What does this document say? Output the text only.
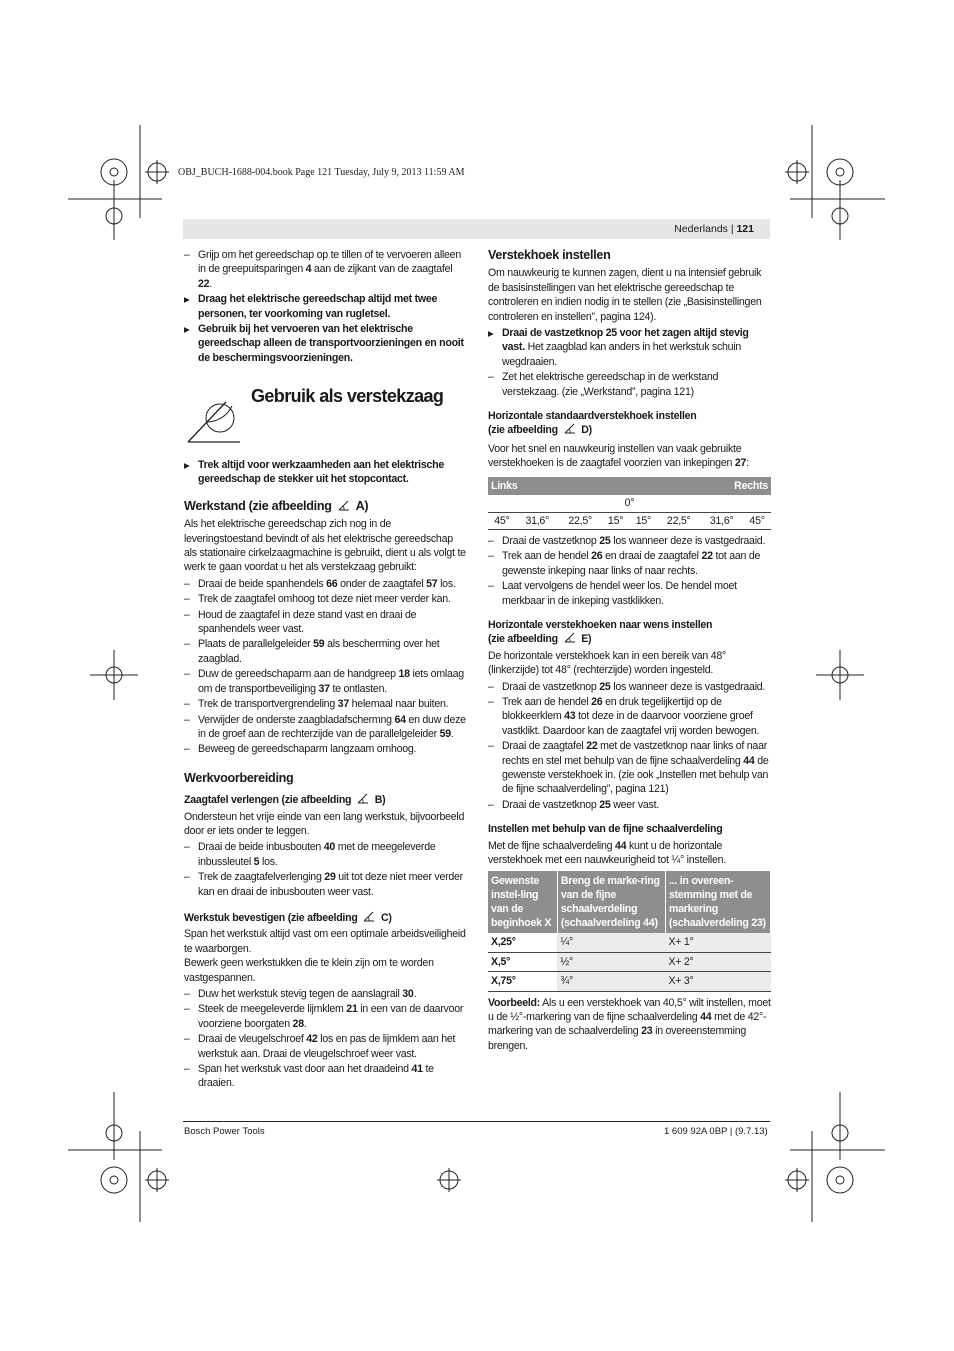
OBJ_BUCH-1688-004.book Page 121 Tuesday, July 9, 2013 11:59 AM
Nederlands | 121
– Grijp om het gereedschap op te tillen of te vervoeren alleen in de greepuitsparingen 4 aan de zijkant van de zaagtafel 22.
▶ Draag het elektrische gereedschap altijd met twee personen, ter voorkoming van rugletsel.
▶ Gebruik bij het vervoeren van het elektrische gereedschap alleen de transportvoorzieningen en nooit de beschermingsvoorzieningen.
Gebruik als verstekzaag
▶ Trek altijd voor werkzaamheden aan het elektrische gereedschap de stekker uit het stopcontact.
Werkstand (zie afbeelding A)

Als het elektrische gereedschap zich nog in de leveringstoestand bevindt of als het elektrische gereedschap als stationaire cirkelzaagmachine is gebruikt, dient u als volgt te werk te gaan voordat u het als verstekzaag gebruikt:

– Draai de beide spanhendels 66 onder de zaagtafel 57 los.
– Trek de zaagtafel omhoog tot deze niet meer verder kan.
– Houd de zaagtafel in deze stand vast en draai de spanhendels weer vast.
– Plaats de parallelgeleider 59 als bescherming over het zaagblad.
– Duw de gereedschaparm aan de handgreep 18 iets omlaag om de transportbeveiliging 37 te ontlasten.
– Trek de transportvergrendeling 37 helemaal naar buiten.
– Verwijder de onderste zaagbladafschermng 64 en duw deze in de groef aan de rechterzijde van de parallelgeleider 59.
– Beweeg de gereedschaparm langzaam omhoog.
Werkvoorbereiding
Zaagtafel verlengen (zie afbeelding B)

Ondersteun het vrije einde van een lang werkstuk, bijvoorbeeld door er iets onder te leggen.

– Draai de beide inbusbouten 40 met de meegeleverde inbussleutel 5 los.
– Trek de zaagtafelverlenging 29 uit tot deze niet meer verder kan en draai de inbusbouten weer vast.
Werkstuk bevestigen (zie afbeelding C)

Span het werkstuk altijd vast om een optimale arbeidsveiligheid te waarborgen.

Bewerk geen werkstukken die te klein zijn om te worden vastgespannen.

– Duw het werkstuk stevig tegen de aanslagrail 30.
– Steek de meegeleverde lijmklem 21 in een van de daarvoor voorziene boorgaten 28.
– Draai de vleugelschroef 42 los en pas de lijmklem aan het werkstuk aan. Draai de vleugelschroef weer vast.
– Span het werkstuk vast door aan het draadeind 41 te draaien.
Verstekhoek instellen

Om nauwkeurig te kunnen zagen, dient u na intensief gebruik de basisinstellingen van het elektrische gereedschap te controleren en indien nodig in te stellen (zie „Basisinstellingen controleren en instellen”, pagina 124).

▶ Draai de vastzetknop 25 voor het zagen altijd stevig vast. Het zaagblad kan anders in het werkstuk schuin wegdraaien.
– Zet het elektrische gereedschap in de werkstand verstekzaag. (zie „Werkstand”, pagina 121)
Horizontale standaardverstekhoek instellen
(zie afbeelding D)

Voor het snel en nauwkeurig instellen van vaak gebruikte verstekhoeken is de zaagtafel voorzien van inkepingen 27:

Links				Rechts			
0°							
45°	31,6°	22,5°	15°	15°	22,5°	31,6°	45°
– Draai de vastzetknop 25 los wanneer deze is vastgedraaid.
– Trek aan de hendel 26 en draai de zaagtafel 22 tot aan de gewenste inkeping naar links of naar rechts.
– Laat vervolgens de hendel weer los. De hendel moet merkbaar in de inkeping vastklikken.
Horizontale verstekhoeken naar wens instellen
(zie afbeelding E)

De horizontale verstekhoek kan in een bereik van 48° (linkerzijde) tot 48° (rechterzijde) worden ingesteld.

– Draai de vastzetknop 25 los wanneer deze is vastgedraaid.
– Trek aan de hendel 26 en druk tegelijkertijd op de blokkeerklem 43 tot deze in de daarvoor voorziene groef vastklikt. Daardoor kan de zaagtafel vrij worden bewogen.
– Draai de zaagtafel 22 met de vastzetknop naar links of naar rechts en stel met behulp van de fijne schaalverdeling 44 de gewenste verstekhoek in. (zie ook „Instellen met behulp van de fijne schaalverdeling”, pagina 121)
– Draai de vastzetknop 25 weer vast.
Instellen met behulp van de fijne schaalverdeling

Met de fijne schaalverdeling 44 kunt u de horizontale verstekhoek met een nauwkeurigheid tot ¼° instellen.

Gewenste instel-ling van de beginhoek X	Breng de marke-ring van de fijne schaalverdeling (schaalverdeling 44)	... in overeen-stemming met de markering (schaalverdeling 23)
X,25°	¼°	X+ 1°
X,5°	½°	X+ 2°
X,75°	¾°	X+ 3°

Voorbeeld: Als u een verstekhoek van 40,5° wilt instellen, moet u de ½°-markering van de fijne schaalverdeling 44 met de 42°-markering van de schaalverdeling 23 in overeenstemming brengen.

Bosch Power Tools	1 609 92A 0BP | (9.7.13)
